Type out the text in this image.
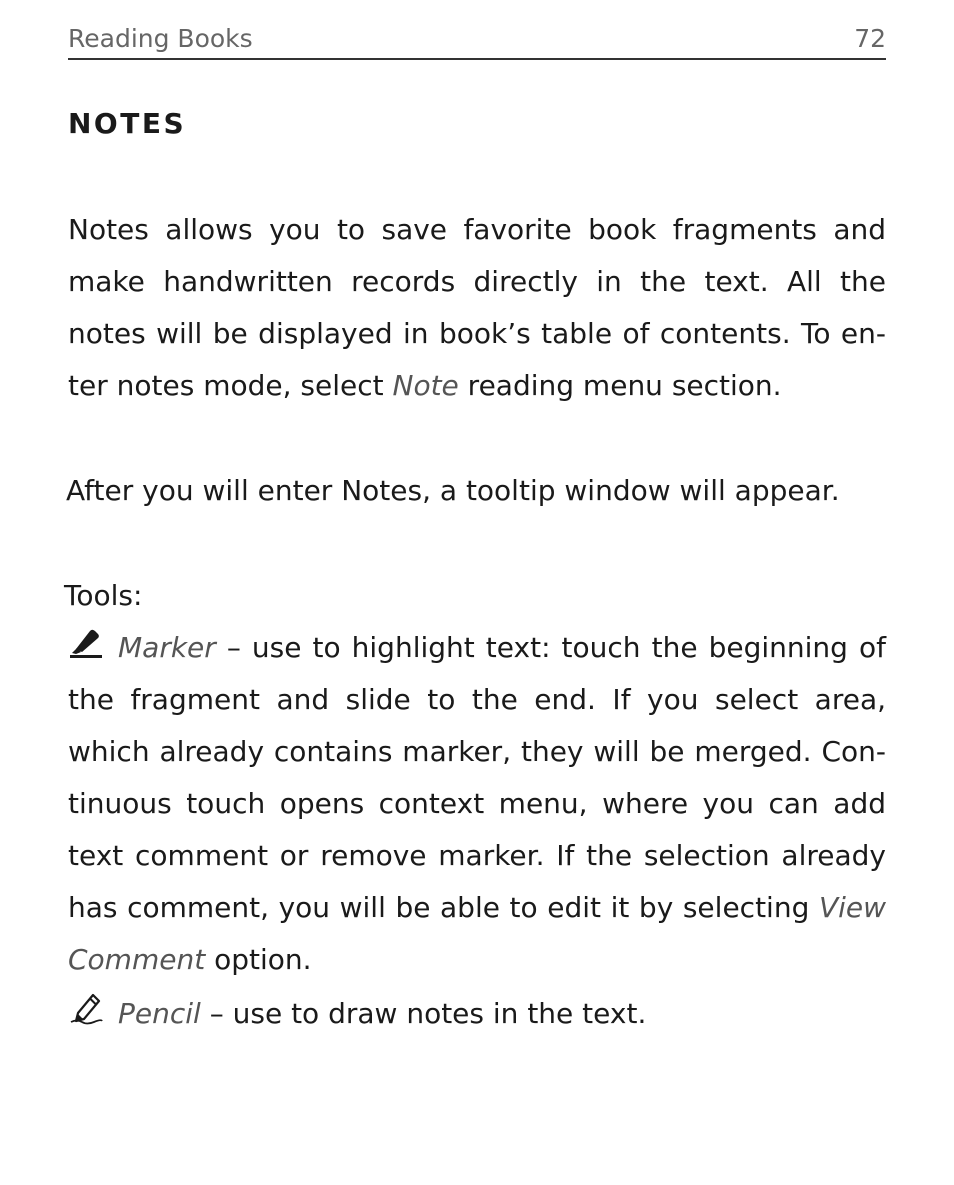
Reading Books	72
NOTES

Notes allows you to save favorite book fragments and make handwritten records directly in the text. All the notes will be displayed in book’s table of contents. To enter notes mode, select Note reading menu section.

After you will enter Notes, a tooltip window will appear.

Tools:

Marker – use to highlight text: touch the beginning of the fragment and slide to the end. If you select area, which already contains marker, they will be merged. Continuous touch opens context menu, where you can add text comment or remove marker. If the selection already has comment, you will be able to edit it by selecting View Comment option.

Pencil – use to draw notes in the text.
